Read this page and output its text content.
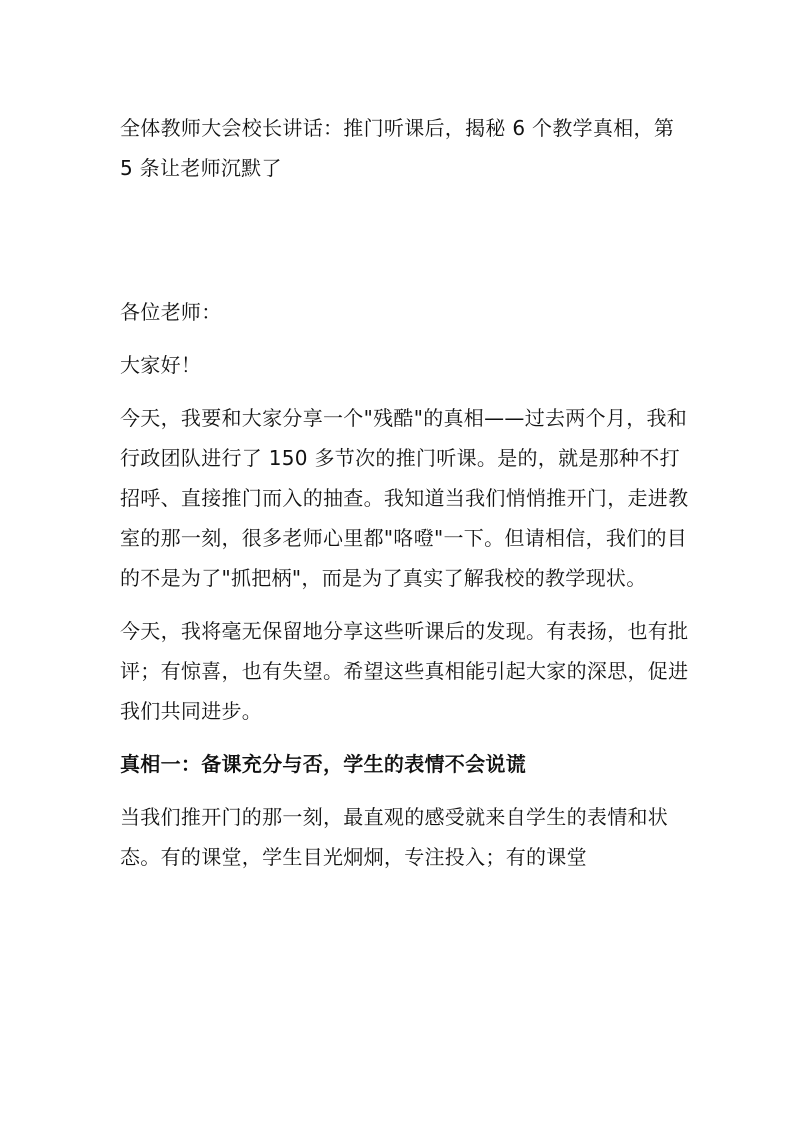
全体教师大会校长讲话：推门听课后，揭秘 6 个教学真相，第 5 条让老师沉默了

各位老师：

大家好！

今天，我要和大家分享一个"残酷"的真相——过去两个月，我和行政团队进行了 150 多节次的推门听课。是的，就是那种不打招呼、直接推门而入的抽查。我知道当我们悄悄推开门，走进教室的那一刻，很多老师心里都"咯噔"一下。但请相信，我们的目的不是为了"抓把柄"，而是为了真实了解我校的教学现状。

今天，我将毫无保留地分享这些听课后的发现。有表扬，也有批评；有惊喜，也有失望。希望这些真相能引起大家的深思，促进我们共同进步。

真相一：备课充分与否，学生的表情不会说谎

当我们推开门的那一刻，最直观的感受就来自学生的表情和状态。有的课堂，学生目光炯炯，专注投入；有的课堂
